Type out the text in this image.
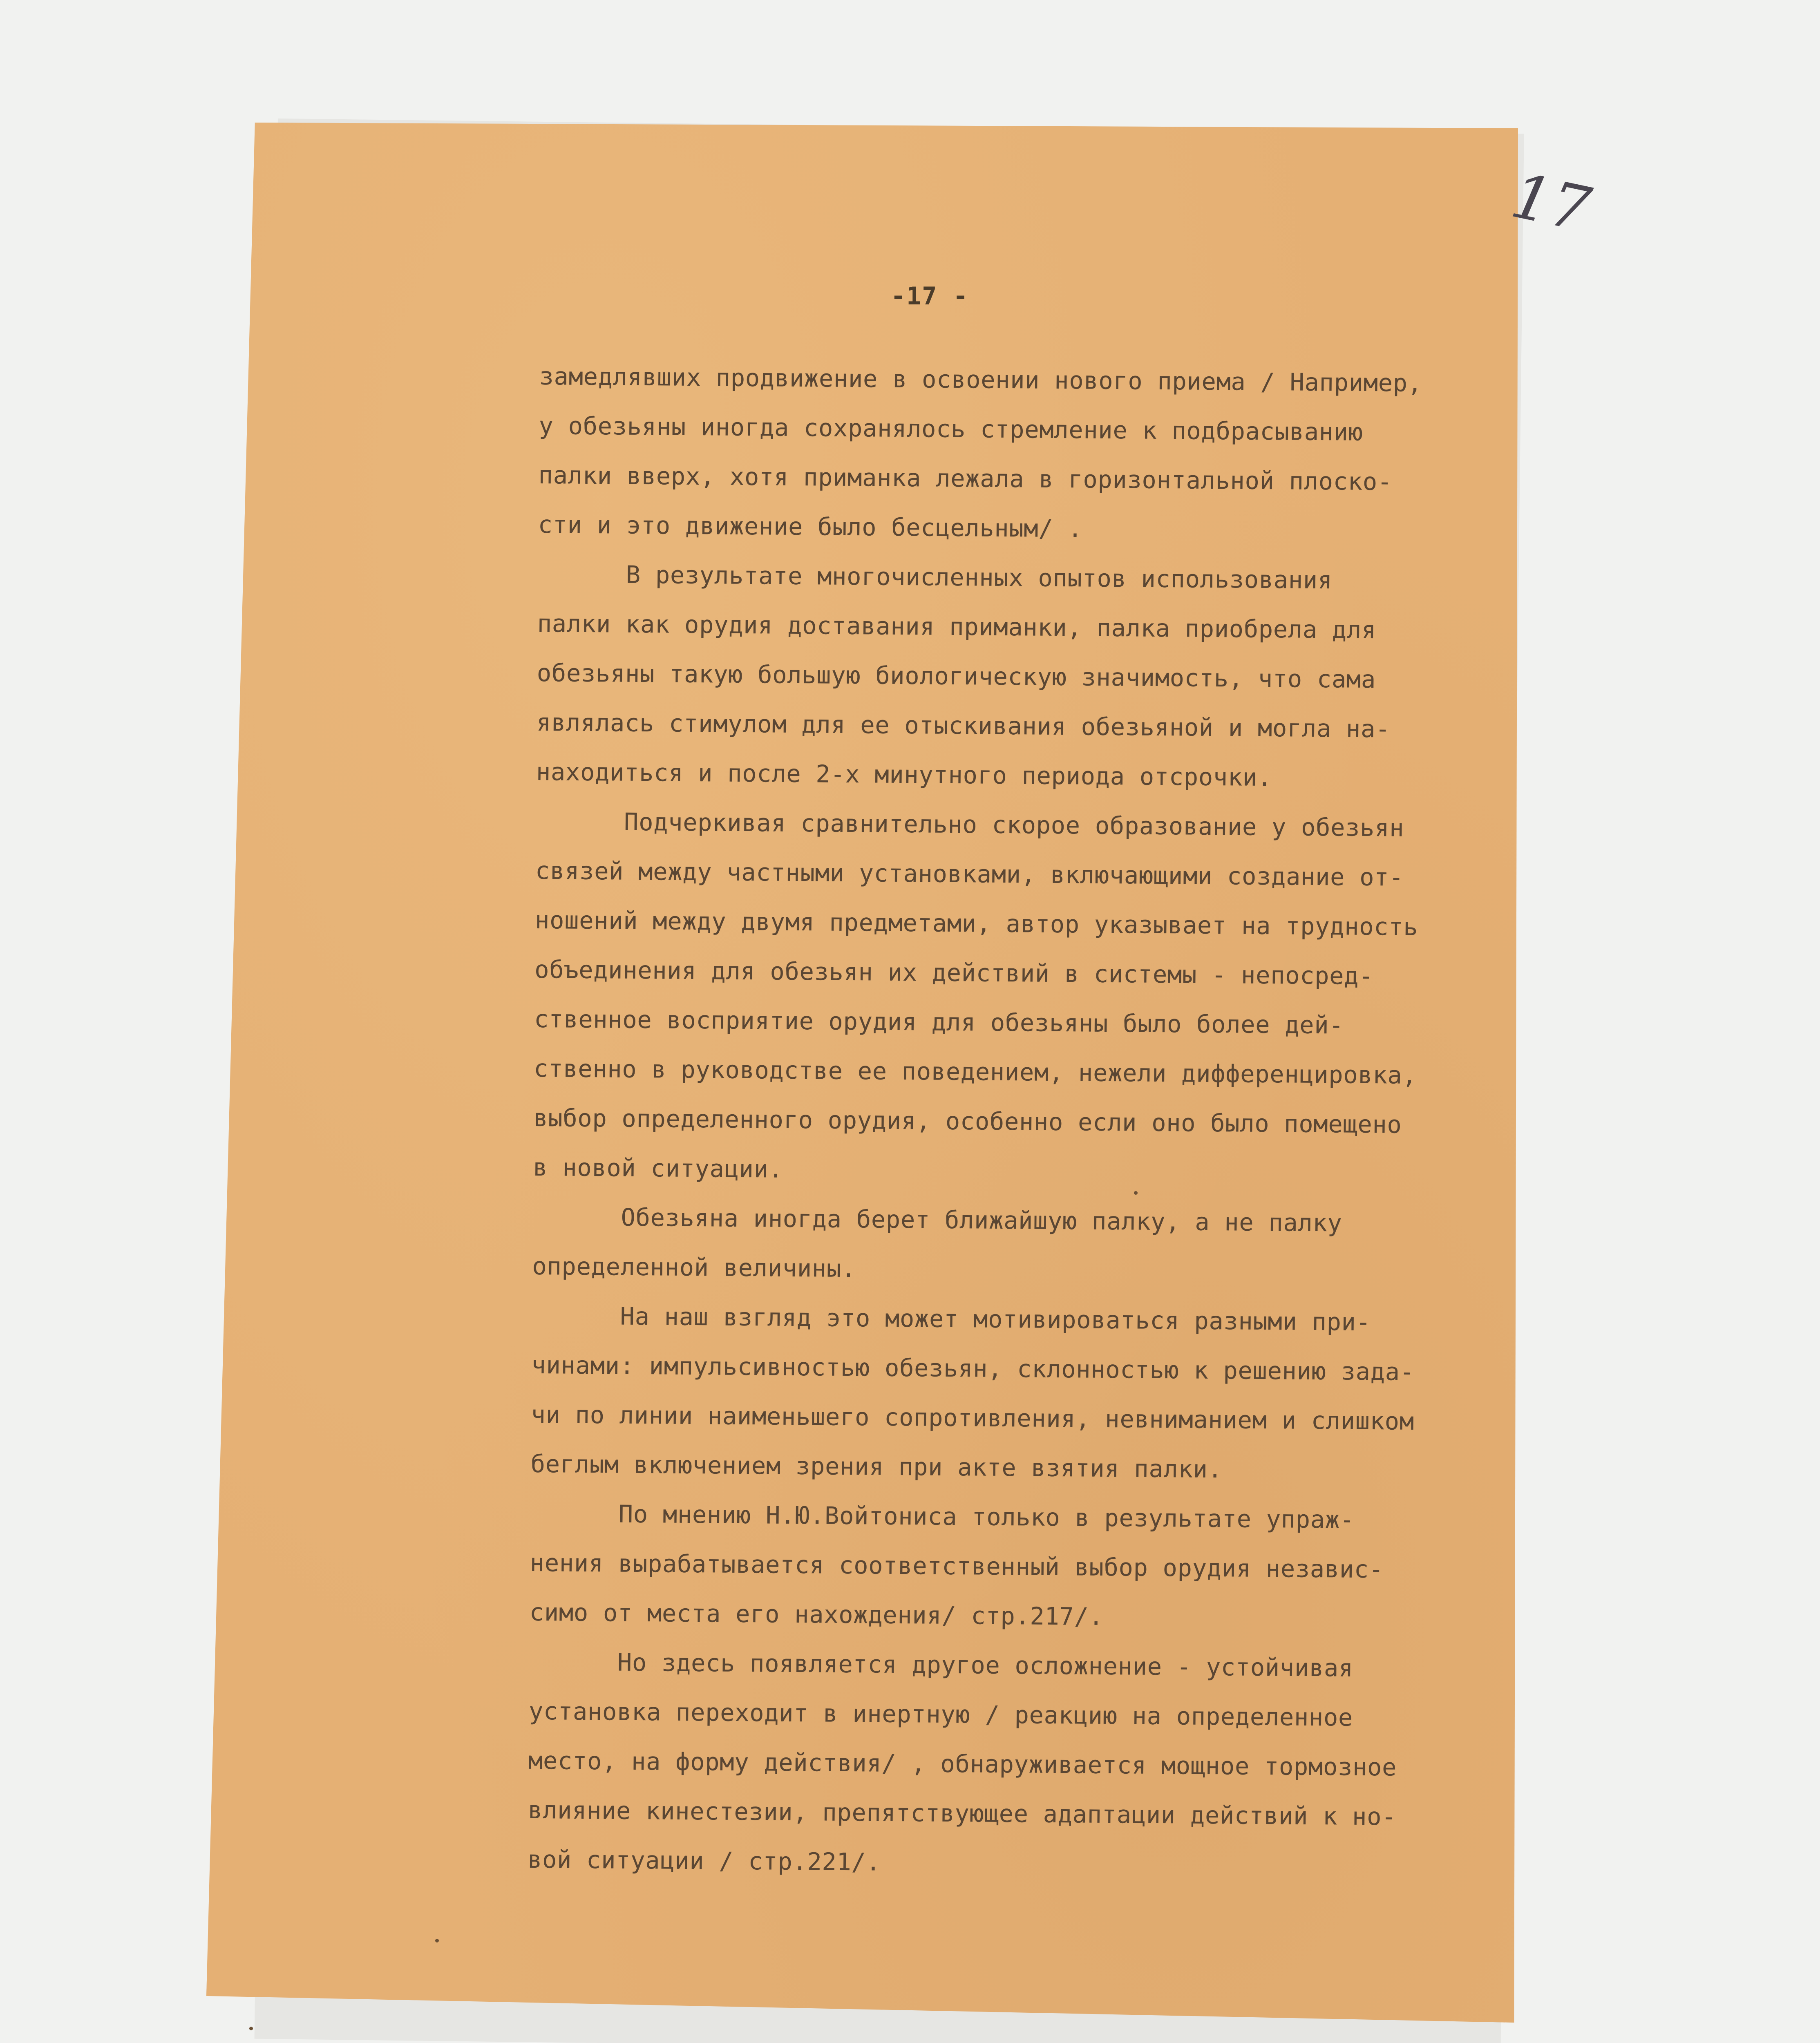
17
-17 -

замедлявших продвижение в освоении нового приема / Например,

у обезьяны иногда сохранялось стремление к подбрасыванию

палки вверх, хотя приманка лежала в горизонтальной плоско-

сти и это движение было бесцельным/ .

В результате многочисленных опытов использования

палки как орудия доставания приманки, палка приобрела для

обезьяны такую большую биологическую значимость, что сама

являлась стимулом для ее отыскивания обезьяной и могла на-

находиться и после 2-х минутного периода отсрочки.

Подчеркивая сравнительно скорое образование у обезьян

связей между частными установками, включающими создание от-

ношений между двумя предметами, автор указывает на трудность

объединения для обезьян их действий в системы - непосред-

ственное восприятие орудия для обезьяны было более дей-

ственно в руководстве ее поведением, нежели дифференцировка,

выбор определенного орудия, особенно если оно было помещено

в новой ситуации.

Обезьяна иногда берет ближайшую палку, а не палку

определенной величины.

На наш взгляд это может мотивироваться разными при-

чинами: импульсивностью обезьян, склонностью к решению зада-

чи по линии наименьшего сопротивления, невниманием и слишком

беглым включением зрения при акте взятия палки.

По мнению Н.Ю.Войтониса только в результате упраж-

нения вырабатывается соответственный выбор орудия независ-

симо от места его нахождения/ стр.217/.

Но здесь появляется другое осложнение - устойчивая

установка переходит в инертную / реакцию на определенное

место, на форму действия/ , обнаруживается мощное тормозное

влияние кинестезии, препятствующее адаптации действий к но-

вой ситуации / стр.221/.
